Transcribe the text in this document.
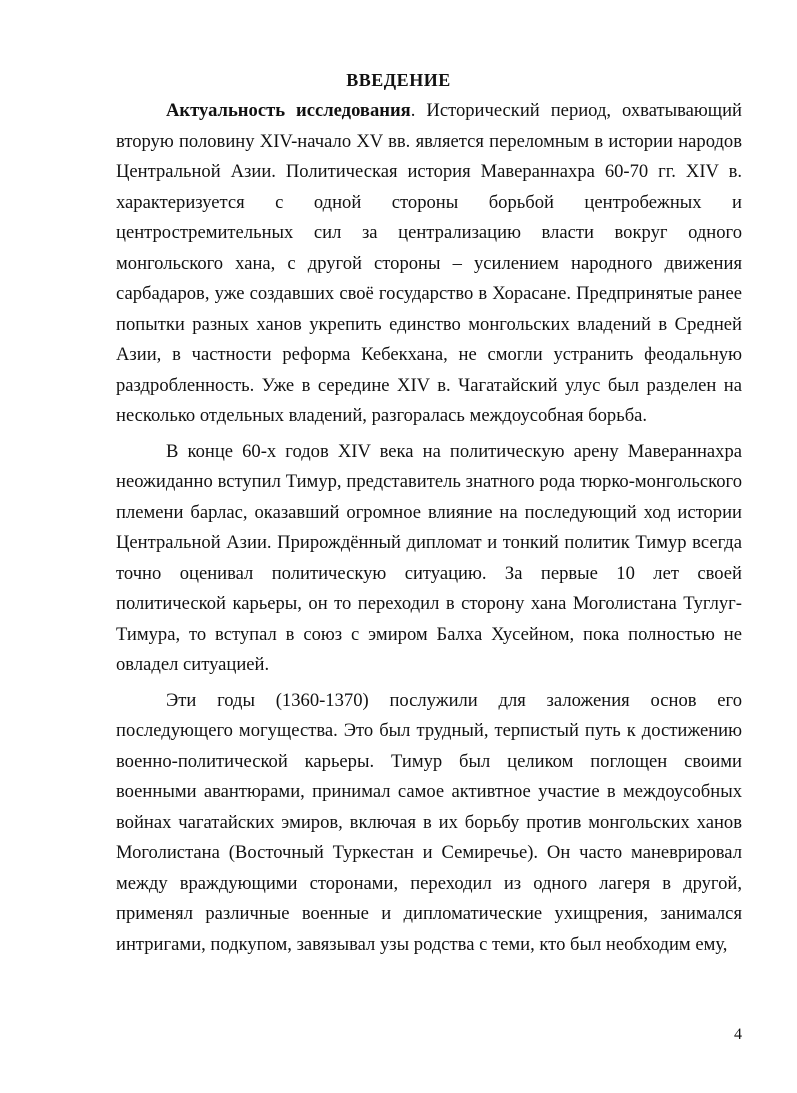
ВВЕДЕНИЕ

Актуальность исследования. Исторический период, охватывающий вторую половину XIV-начало XV вв. является переломным в истории народов Центральной Азии. Политическая история Мавераннахра 60-70 гг. XIV в. характеризуется с одной стороны борьбой центробежных и центростремительных сил за централизацию власти вокруг одного монгольского хана, с другой стороны – усилением народного движения сарбадаров, уже создавших своё государство в Хорасане. Предпринятые ранее попытки разных ханов укрепить единство монгольских владений в Средней Азии, в частности реформа Кебекхана, не смогли устранить феодальную раздробленность. Уже в середине XIV в. Чагатайский улус был разделен на несколько отдельных владений, разгоралась междоусобная борьба.

В конце 60-х годов XIV века на политическую арену Мавераннахра неожиданно вступил Тимур, представитель знатного рода тюрко-монгольского племени барлас, оказавший огромное влияние на последующий ход истории Центральной Азии. Прирождённый дипломат и тонкий политик Тимур всегда точно оценивал политическую ситуацию. За первые 10 лет своей политической карьеры, он то переходил в сторону хана Моголистана Туглуг-Тимура, то вступал в союз с эмиром Балха Хусейном, пока полностью не овладел ситуацией.

Эти годы (1360-1370) послужили для заложения основ его последующего могущества. Это был трудный, терпистый путь к достижению военно-политической карьеры. Тимур был целиком поглощен своими военными авантюрами, принимал самое активтное участие в междоусобных войнах чагатайских эмиров, включая в их борьбу против монгольских ханов Моголистана (Восточный Туркестан и Семиречье). Он часто маневрировал между враждующими сторонами, переходил из одного лагеря в другой, применял различные военные и дипломатические ухищрения, занимался интригами, подкупом, завязывал узы родства с теми, кто был необходим ему,

4
